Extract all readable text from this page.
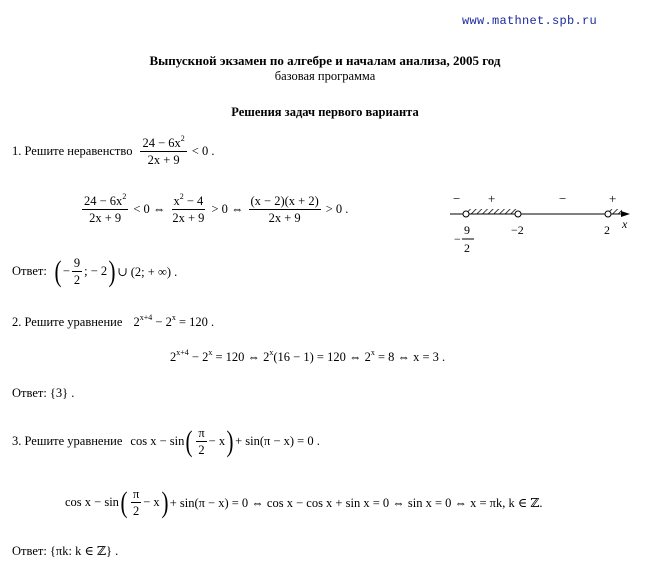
www.mathnet.spb.ru
Выпускной экзамен по алгебре и началам анализа, 2005 год
базовая программа
Решения задач первого варианта
1. Решите неравенство $\frac{24 - 6x^2}{2x + 9} < 0$ .
$\frac{24 - 6x^2}{2x + 9} < 0$ ⇔ $\frac{x^2 - 4}{2x + 9} > 0$ ⇔ $\frac{(x - 2)(x + 2)}{2x + 9} > 0$ .
− +	−	+
x
−
9
2
−2	2
Ответ: ( − $\frac{9}{2}$ ; − 2 ) ∪ (2; + ∞) .
2. Решите уравнение $2^{x+4} - 2^x = 120$ .
$2^{x+4} - 2^x = 120$ ⇔ $2^x(16 - 1) = 120$ ⇔ $2^x = 8$ ⇔ x = 3 .
Ответ: {3} .
3. Решите уравнение cos x − sin ( $\frac{\pi}{2} - x$ ) + sin(π − x) = 0 .
cos x − sin ( $\frac{\pi}{2} - x$ ) + sin(π − x) = 0 ⇔ cos x − cos x + sin x = 0 ⇔ sin x = 0 ⇔ x = πk, k ∈ ℤ.
Ответ: {πk: k ∈ ℤ} .
